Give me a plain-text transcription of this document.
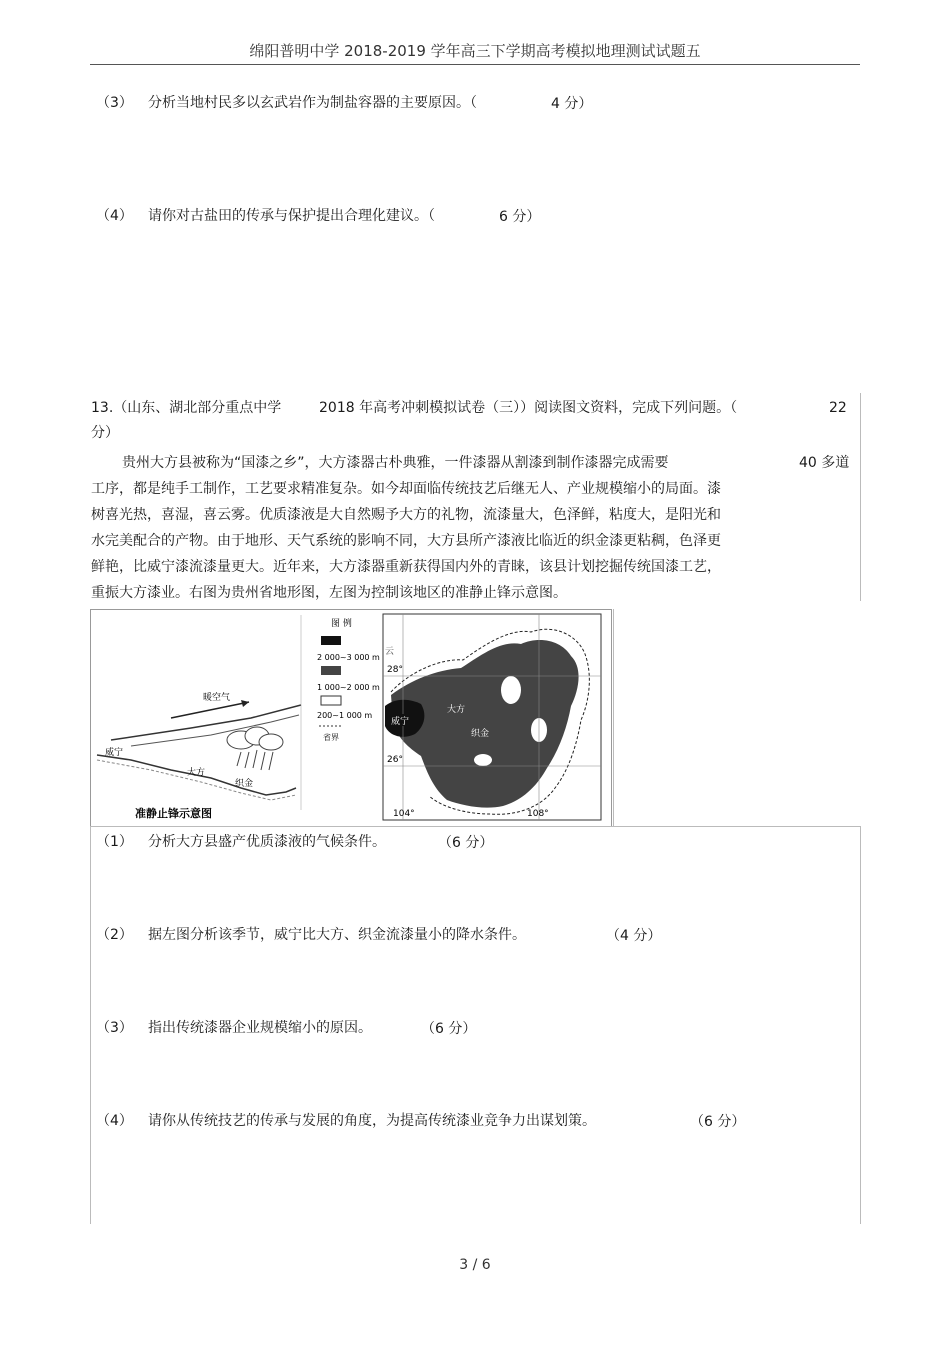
绵阳普明中学 2018-2019 学年高三下学期高考模拟地理测试试题五
（3） 分析当地村民多以玄武岩作为制盐容器的主要原因。（	4 分）
（4） 请你对古盐田的传承与保护提出合理化建议。（	6 分）
13.（山东、湖北部分重点中学	2018 年高考冲刺模拟试卷（三））阅读图文资料，完成下列问题。（	22
分）
贵州大方县被称为“国漆之乡”，大方漆器古朴典雅，一件漆器从割漆到制作漆器完成需要	40 多道
工序，都是纯手工制作，工艺要求精准复杂。如今却面临传统技艺后继无人、产业规模缩小的局面。漆
树喜光热，喜湿，喜云雾。优质漆液是大自然赐予大方的礼物，流漆量大，色泽鲜，粘度大，是阳光和
水完美配合的产物。由于地形、天气系统的影响不同，大方县所产漆液比临近的织金漆更粘稠，色泽更
鲜艳，比威宁漆流漆量更大。近年来，大方漆器重新获得国内外的青睐，该县计划挖掘传统国漆工艺，
重振大方漆业。右图为贵州省地形图，左图为控制该地区的准静止锋示意图。
暖空气
威宁
大方
织金
准静止锋示意图
图 例
2 000~3 000 m
1 000~2 000 m
200~1 000 m
省界
28°
26°
104°	108°
云
威宁
大方
织金
（1） 分析大方县盛产优质漆液的气候条件。	（6 分）
（2） 据左图分析该季节，威宁比大方、织金流漆量小的降水条件。	（4 分）
（3） 指出传统漆器企业规模缩小的原因。	（6 分）
（4） 请你从传统技艺的传承与发展的角度，为提高传统漆业竞争力出谋划策。	（6 分）
3 / 6
